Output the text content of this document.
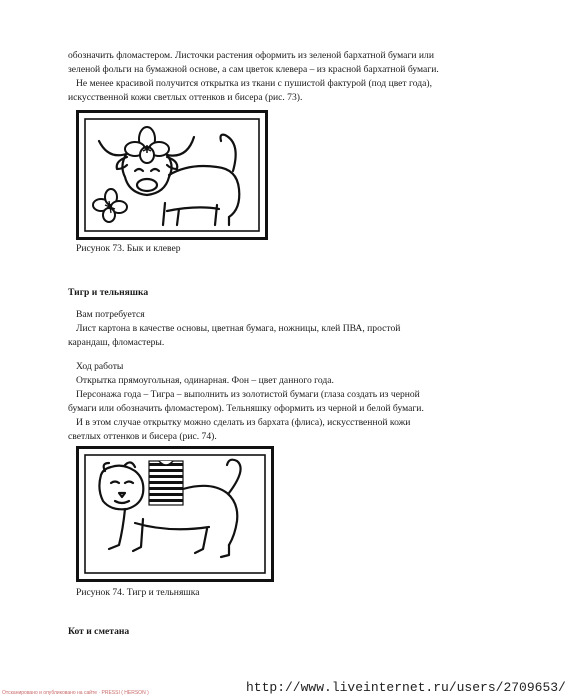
обозначить фломастером. Листочки растения оформить из зеленой бархатной бумаги или
зеленой фольги на бумажной основе, а сам цветок клевера – из красной бархатной бумаги.
Не менее красивой получится открытка из ткани с пушистой фактурой (под цвет года),
искусственной кожи светлых оттенков и бисера (рис. 73).
Рисунок 73. Бык и клевер
Тигр и тельняшка
Вам потребуется
Лист картона в качестве основы, цветная бумага, ножницы, клей ПВА, простой
карандаш, фломастеры.
Ход работы
Открытка прямоугольная, одинарная. Фон – цвет данного года.
Персонажа года – Тигра – выполнить из золотистой бумаги (глаза создать из черной
бумаги или обозначить фломастером). Тельняшку оформить из черной и белой бумаги.
И в этом случае открытку можно сделать из бархата (флиса), искусственной кожи
светлых оттенков и бисера (рис. 74).
Рисунок 74. Тигр и тельняшка
Кот и сметана
Отсканировано и опубликовано на сайте · PRESSI ( HERSON )	http://www.liveinternet.ru/users/2709653/
